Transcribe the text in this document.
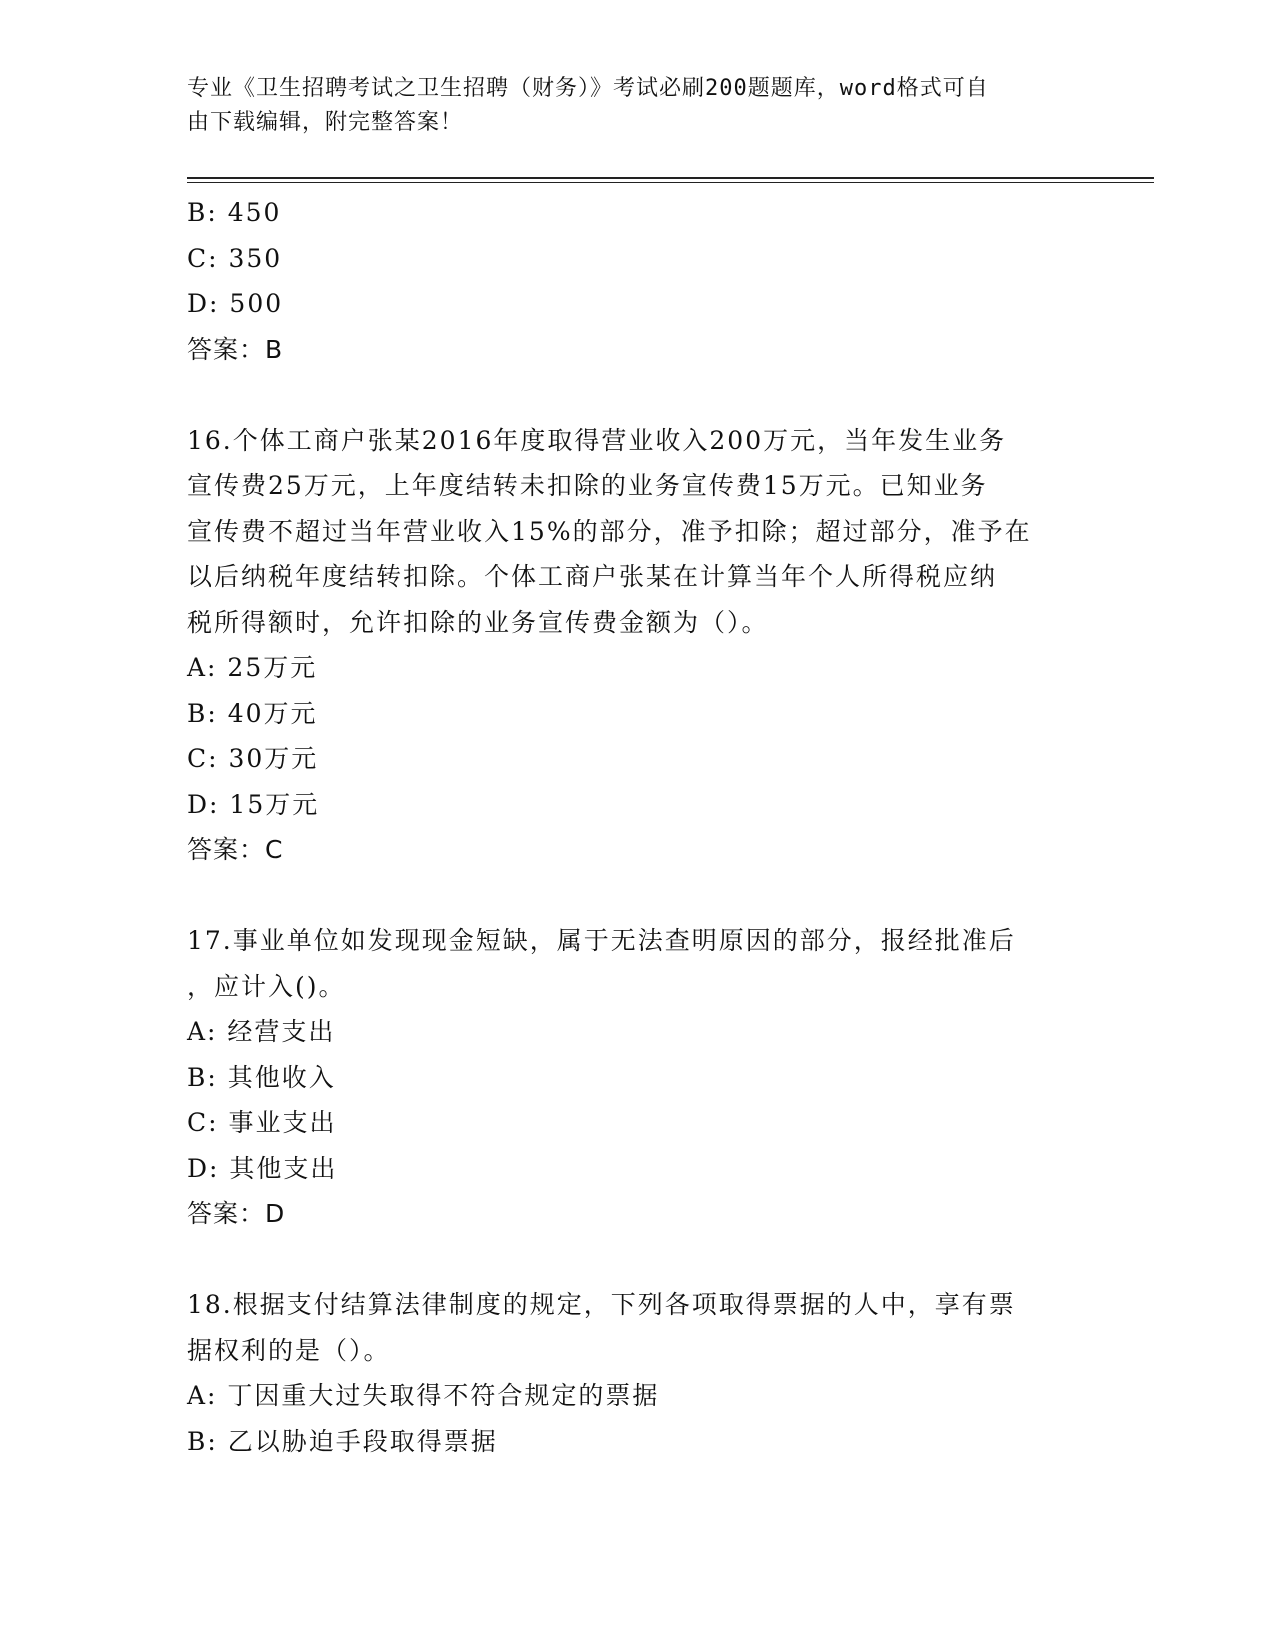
专业《卫生招聘考试之卫生招聘（财务）》考试必刷200题题库，word格式可自
由下载编辑，附完整答案！
B: 450
C: 350
D: 500
答案：B
16.个体工商户张某2016年度取得营业收入200万元，当年发生业务
宣传费25万元，上年度结转未扣除的业务宣传费15万元。已知业务
宣传费不超过当年营业收入15%的部分，准予扣除；超过部分，准予在
以后纳税年度结转扣除。个体工商户张某在计算当年个人所得税应纳
税所得额时，允许扣除的业务宣传费金额为（）。
A: 25万元
B: 40万元
C: 30万元
D: 15万元
答案：C
17.事业单位如发现现金短缺，属于无法查明原因的部分，报经批准后
，应计入()。
A: 经营支出
B: 其他收入
C: 事业支出
D: 其他支出
答案：D
18.根据支付结算法律制度的规定，下列各项取得票据的人中，享有票
据权利的是（）。
A: 丁因重大过失取得不符合规定的票据
B: 乙以胁迫手段取得票据
